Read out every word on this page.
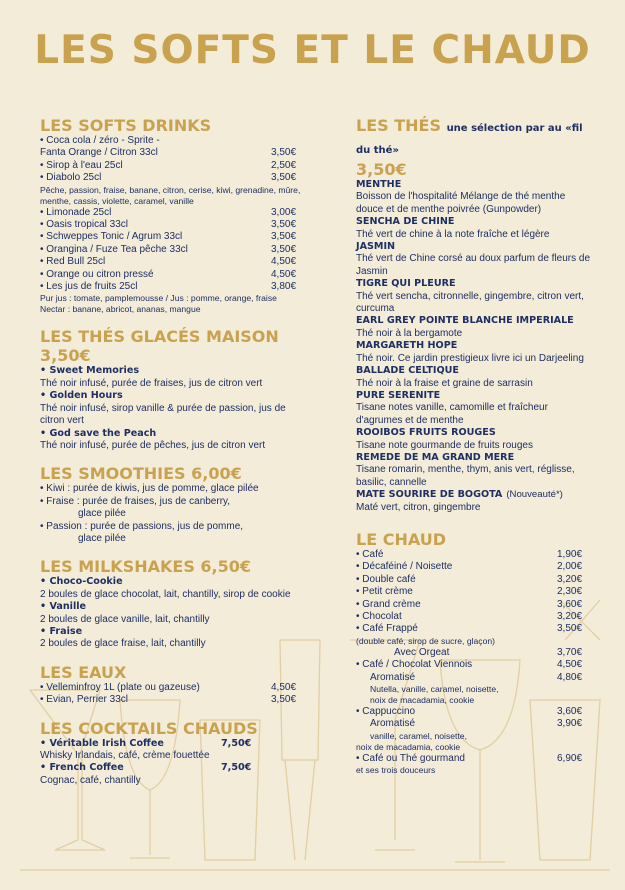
LES SOFTS ET LE CHAUD
LES SOFTS DRINKS
• Coca cola / zéro - Sprite -
Fanta Orange / Citron 33cl	3,50€
• Sirop à l'eau 25cl	2,50€
• Diabolo 25cl	3,50€
Pêche, passion, fraise, banane, citron, cerise, kiwi, grenadine, mûre, menthe, cassis, violette, caramel, vanille
• Limonade 25cl	3,00€
• Oasis tropical 33cl	3,50€
• Schweppes Tonic / Agrum 33cl	3,50€
• Orangina / Fuze Tea pêche 33cl	3,50€
• Red Bull 25cl	4,50€
• Orange ou citron pressé	4,50€
• Les jus de fruits 25cl	3,80€
Pur jus : tomate, pamplemousse / Jus : pomme, orange, fraise
Nectar : banane, abricot, ananas, mangue
LES THÉS GLACÉS MAISON 3,50€
• Sweet Memories
Thé noir infusé, purée de fraises, jus de citron vert
• Golden Hours
Thé noir infusé, sirop vanille & purée de passion, jus de citron vert
• God save the Peach
Thé noir infusé, purée de pêches, jus de citron vert
LES SMOOTHIES 6,00€
• Kiwi : purée de kiwis, jus de pomme, glace pilée
• Fraise : purée de fraises, jus de canberry,
glace pilée
• Passion : purée de passions, jus de pomme,
glace pilée
LES MILKSHAKES 6,50€
• Choco-Cookie
2 boules de glace chocolat, lait, chantilly, sirop de cookie
• Vanille
2 boules de glace vanille, lait, chantilly
• Fraise
2 boules de glace fraise, lait, chantilly
LES EAUX
• Velleminfroy 1L (plate ou gazeuse)	4,50€
• Evian, Perrier 33cl	3,50€
LES COCKTAILS CHAUDS
• Véritable Irish Coffee	7,50€
Whisky Irlandais, café, crème fouettée
• French Coffee	7,50€
Cognac, café, chantilly
LES THÉS une sélection par au «fil du thé»
3,50€
MENTHE
Boisson de l'hospitalité Mélange de thé menthe douce et de menthe poivrée (Gunpowder)
SENCHA DE CHINE
Thé vert de chine à la note fraîche et légère
JASMIN
Thé vert de Chine corsé au doux parfum de fleurs de Jasmin
TIGRE QUI PLEURE
Thé vert sencha, citronnelle, gingembre, citron vert, curcuma
EARL GREY POINTE BLANCHE IMPERIALE
Thé noir à la bergamote
MARGARETH HOPE
Thé noir. Ce jardin prestigieux livre ici un Darjeeling
BALLADE CELTIQUE
Thé noir à la fraise et graine de sarrasin
PURE SERENITE
Tisane notes vanille, camomille et fraîcheur d'agrumes et de menthe
ROOIBOS FRUITS ROUGES
Tisane note gourmande de fruits rouges
REMEDE DE MA GRAND MERE
Tisane romarin, menthe, thym, anis vert, réglisse, basilic, cannelle
MATE SOURIRE DE BOGOTA (Nouveauté*)
Maté vert, citron, gingembre
LE CHAUD
• Café	1,90€
• Décaféiné / Noisette	2,00€
• Double café	3,20€
• Petit crème	2,30€
• Grand crème	3,60€
• Chocolat	3,20€
• Café Frappé	3,50€
(double café, sirop de sucre, glaçon)
Avec Orgeat	3,70€
• Café / Chocolat Viennois	4,50€
Aromatisé	4,80€
Nutella, vanille, caramel, noisette,
noix de macadamia, cookie
• Cappuccino	3,60€
Aromatisé	3,90€
vanille, caramel, noisette,
noix de macadamia, cookie
• Café ou Thé gourmand	6,90€
et ses trois douceurs
